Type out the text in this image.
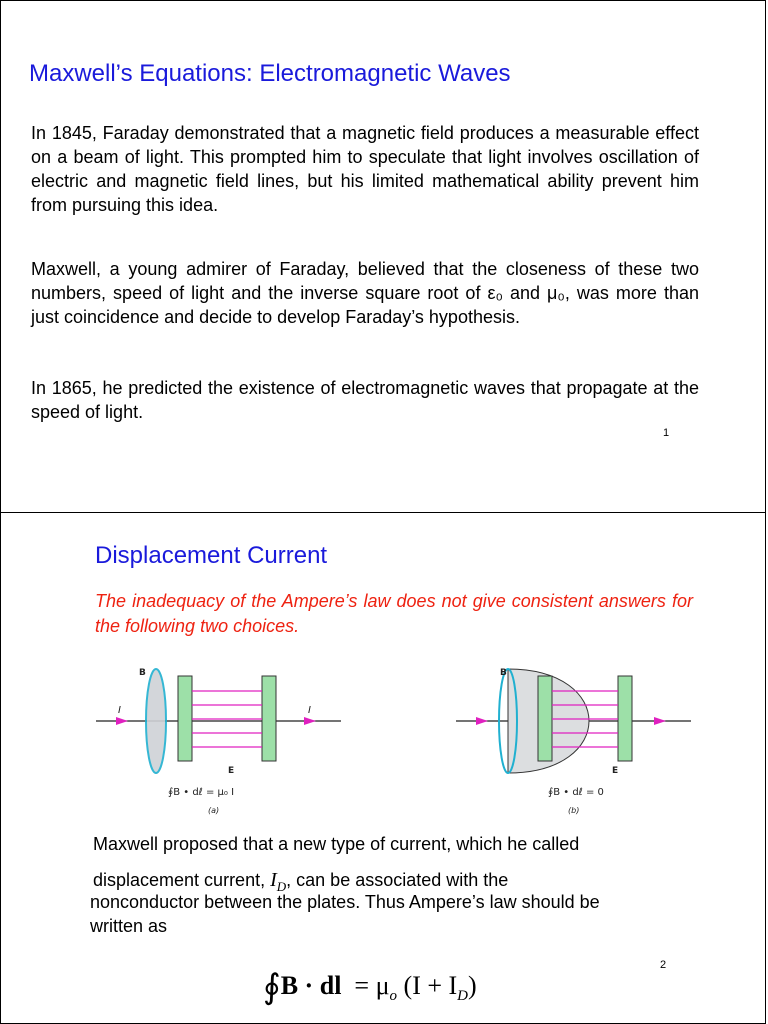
Maxwell’s Equations: Electromagnetic Waves

In 1845, Faraday demonstrated that a magnetic field produces a measurable effect on a beam of light. This prompted him to speculate that light involves oscillation of electric and magnetic field lines, but his limited mathematical ability prevent him from pursuing this idea.

Maxwell, a young admirer of Faraday, believed that the closeness of these two numbers, speed of light and the inverse square root of ε₀ and μ₀, was more than just coincidence and decide to develop Faraday’s hypothesis.

In 1865, he predicted the existence of electromagnetic waves that propagate at the speed of light.

1
Displacement Current

The inadequacy of the Ampere’s law does not give consistent answers for the following two choices.

B
I	I
E
∮B • dℓ = μ₀ I
(a)
B
E
∮B • dℓ = 0
(b)

Maxwell proposed that a new type of current, which he called

displacement current, $I_D$, can be associated with the

nonconductor between the plates. Thus Ampere’s law should be

written as

∮B · dl = $\mu_o$ $(I + I_D)$
2
